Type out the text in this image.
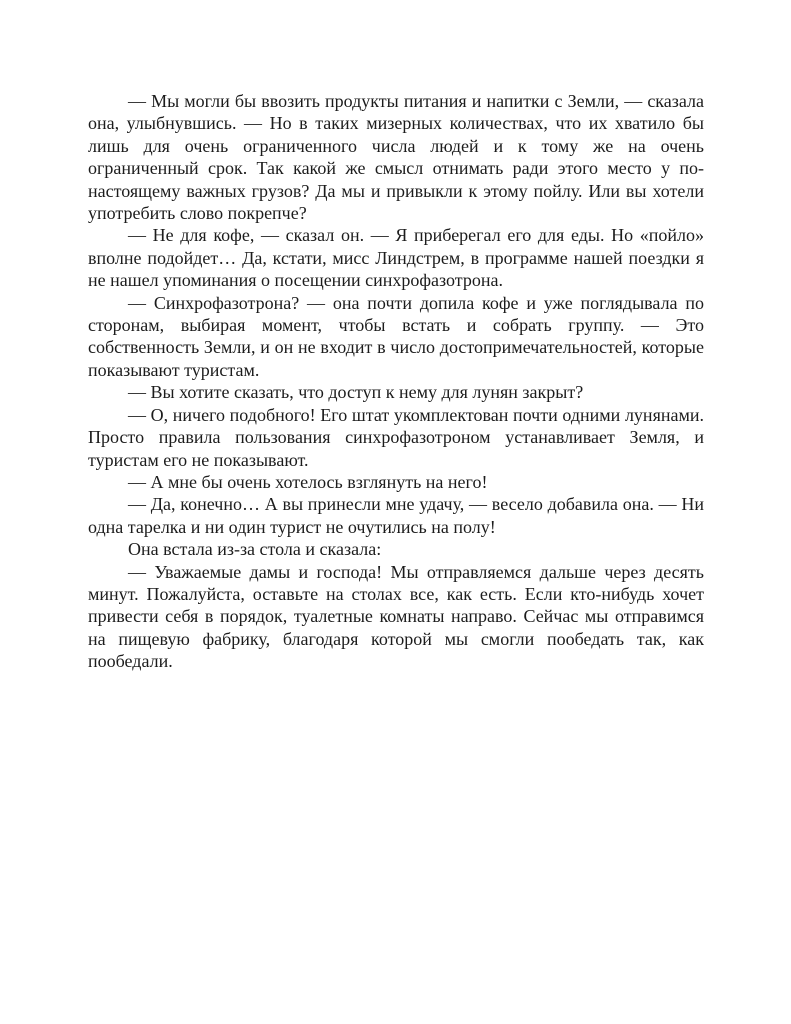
— Мы могли бы ввозить продукты питания и напитки с Земли, — сказала она, улыбнувшись. — Но в таких мизерных количествах, что их хватило бы лишь для очень ограниченного числа людей и к тому же на очень ограниченный срок. Так какой же смысл отнимать ради этого место у по-настоящему важных грузов? Да мы и привыкли к этому пойлу. Или вы хотели употребить слово покрепче?

— Не для кофе, — сказал он. — Я приберегал его для еды. Но «пойло» вполне подойдет… Да, кстати, мисс Линдстрем, в программе нашей поездки я не нашел упоминания о посещении синхрофазотрона.

— Синхрофазотрона? — она почти допила кофе и уже поглядывала по сторонам, выбирая момент, чтобы встать и собрать группу. — Это собственность Земли, и он не входит в число достопримечательностей, которые показывают туристам.

— Вы хотите сказать, что доступ к нему для лунян закрыт?

— О, ничего подобного! Его штат укомплектован почти одними лунянами. Просто правила пользования синхрофазотроном устанавливает Земля, и туристам его не показывают.

— А мне бы очень хотелось взглянуть на него!

— Да, конечно… А вы принесли мне удачу, — весело добавила она. — Ни одна тарелка и ни один турист не очутились на полу!

Она встала из-за стола и сказала:

— Уважаемые дамы и господа! Мы отправляемся дальше через десять минут. Пожалуйста, оставьте на столах все, как есть. Если кто-нибудь хочет привести себя в порядок, туалетные комнаты направо. Сейчас мы отправимся на пищевую фабрику, благодаря которой мы смогли пообедать так, как пообедали.
